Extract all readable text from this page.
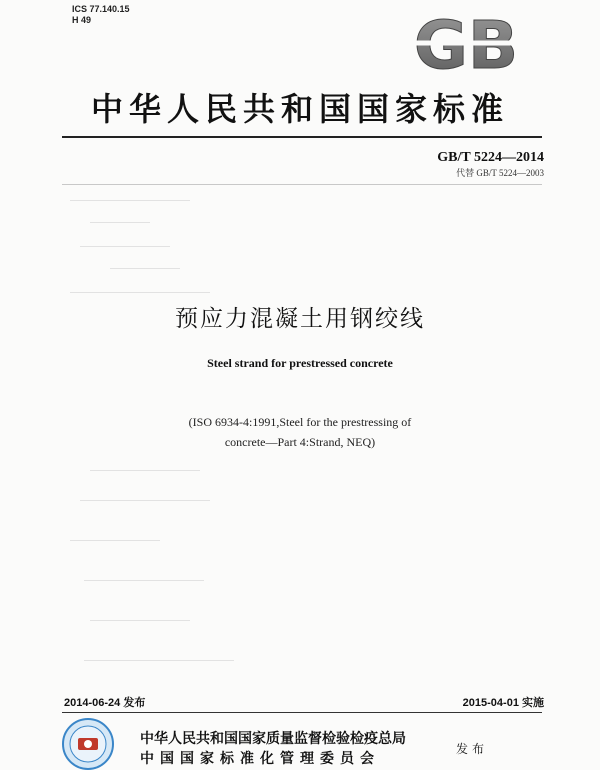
ICS 77.140.15
H 49	GB
中华人民共和国国家标准
GB/T 5224—2014
代替 GB/T 5224—2003
预应力混凝土用钢绞线
Steel strand for prestressed concrete
(ISO 6934-4:1991,Steel for the prestressing of
concrete—Part 4:Strand, NEQ)
2014-06-24 发布	2015-04-01 实施
中华人民共和国国家质量监督检验检疫总局
中国国家标准化管理委员会
发布
